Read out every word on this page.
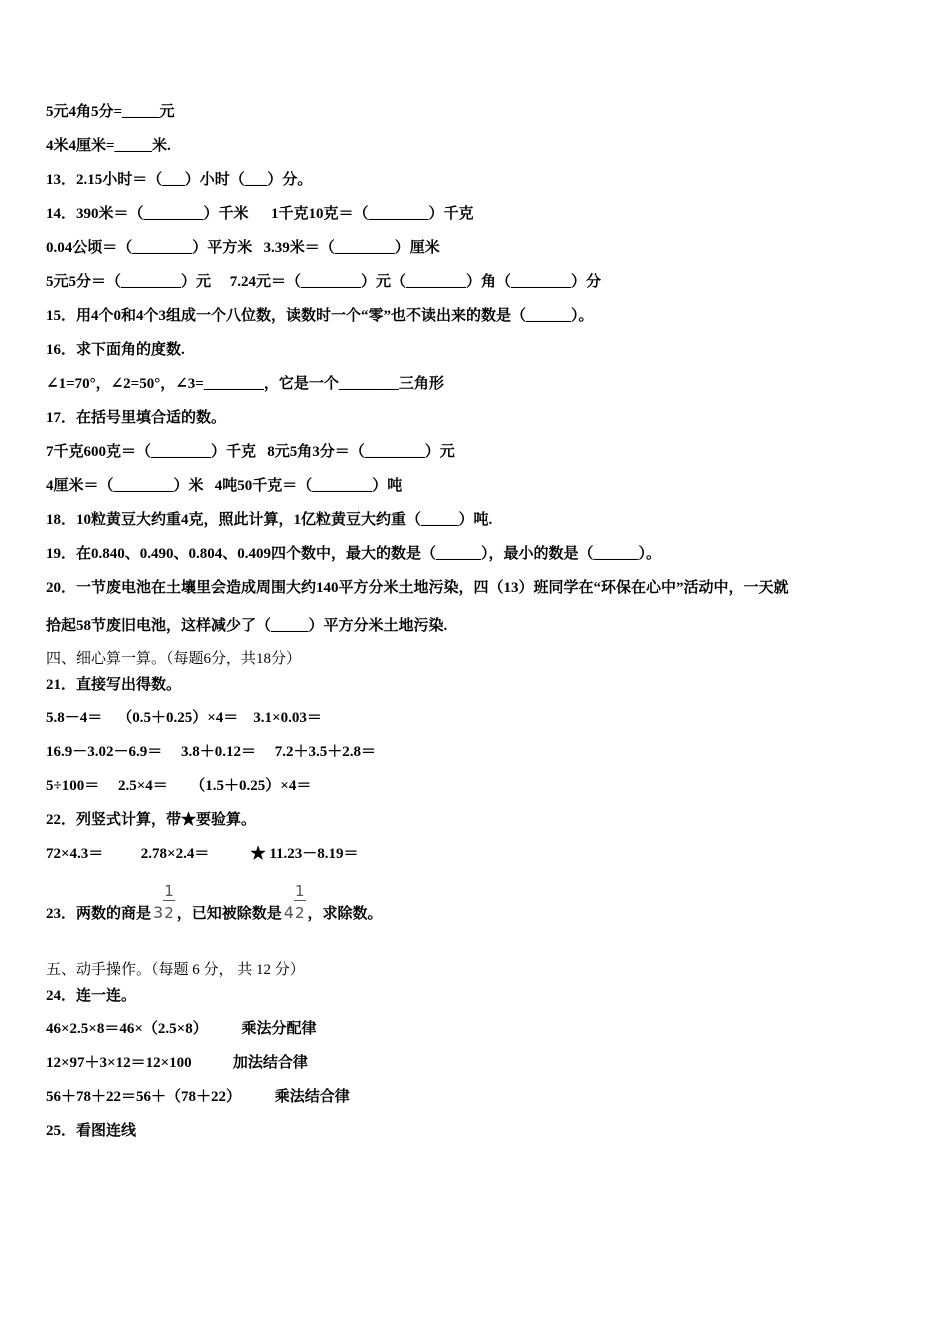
5元4角5分=_____元
4米4厘米=_____米.
13．2.15小时＝（___）小时（___）分。
14．390米＝（________）千米      1千克10克＝（________）千克
0.04公顷＝（________）平方米   3.39米＝（________）厘米
5元5分＝（________）元     7.24元＝（________）元（________）角（________）分
15．用4个0和4个3组成一个八位数，读数时一个“零”也不读出来的数是（______）。
16．求下面角的度数.
∠1=70°，∠2=50°，∠3=________，它是一个________三角形
17．在括号里填合适的数。
7千克600克＝（________）千克   8元5角3分＝（________）元
4厘米＝（________）米   4吨50千克＝（________）吨
18．10粒黄豆大约重4克，照此计算，1亿粒黄豆大约重（_____）吨.
19．在0.840、0.490、0.804、0.409四个数中，最大的数是（______），最小的数是（______）。
20．一节废电池在土壤里会造成周围大约140平方分米土地污染，四（13）班同学在“环保在心中”活动中，一天就
拾起58节废旧电池，这样减少了（_____）平方分米土地污染.
四、细心算一算。（每题6分，共18分）
21．直接写出得数。
5.8－4＝    （0.5＋0.25）×4＝    3.1×0.03＝
16.9－3.02－6.9＝     3.8＋0.12＝     7.2＋3.5＋2.8＝
5÷100＝     2.5×4＝      （1.5＋0.25）×4＝
22．列竖式计算，带★要验算。
72×4.3＝          2.78×2.4＝           ★ 11.23－8.19＝
23．两数的商是 $3 \frac{1}{2}$ ，已知被除数是 $4 \frac{1}{2}$ ，求除数。
五、动手操作。（每题 6 分， 共 12 分）
24．连一连。
46×2.5×8＝46×（2.5×8）         乘法分配律
12×97＋3×12＝12×100           加法结合律
56＋78＋22＝56＋（78＋22）         乘法结合律
25．看图连线
